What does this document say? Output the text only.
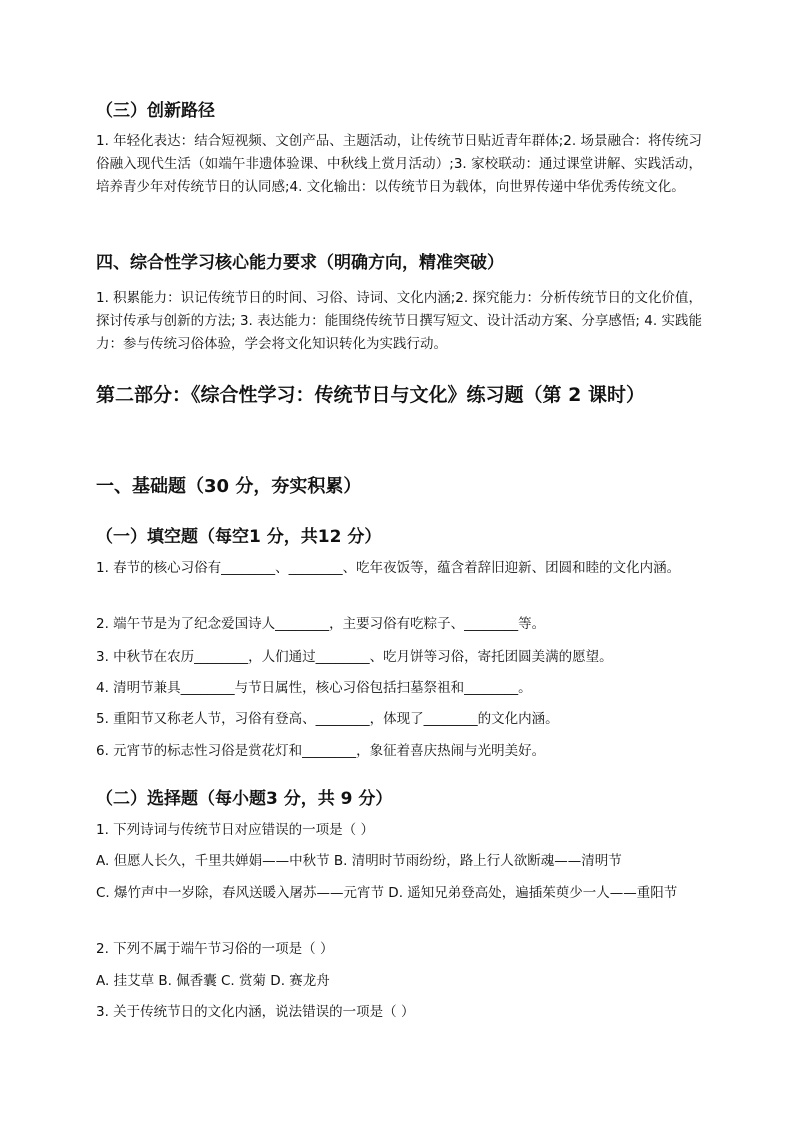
（三）创新路径
1. 年轻化表达：结合短视频、文创产品、主题活动，让传统节日贴近青年群体;2. 场景融合：将传统习俗融入现代生活（如端午非遗体验课、中秋线上赏月活动）;3. 家校联动：通过课堂讲解、实践活动，培养青少年对传统节日的认同感;4. 文化输出：以传统节日为载体，向世界传递中华优秀传统文化。
四、综合性学习核心能力要求（明确方向，精准突破）
1. 积累能力：识记传统节日的时间、习俗、诗词、文化内涵;2. 探究能力：分析传统节日的文化价值，探讨传承与创新的方法; 3. 表达能力：能围绕传统节日撰写短文、设计活动方案、分享感悟; 4. 实践能力：参与传统习俗体验，学会将文化知识转化为实践行动。
第二部分：《综合性学习：传统节日与文化》练习题（第 2 课时）
一、基础题（30 分，夯实积累）
（一）填空题（每空1 分，共12 分）
1. 春节的核心习俗有________、________、吃年夜饭等，蕴含着辞旧迎新、团圆和睦的文化内涵。
2. 端午节是为了纪念爱国诗人________，主要习俗有吃粽子、________等。
3. 中秋节在农历________，人们通过________、吃月饼等习俗，寄托团圆美满的愿望。
4. 清明节兼具________与节日属性，核心习俗包括扫墓祭祖和________。
5. 重阳节又称老人节，习俗有登高、________，体现了________的文化内涵。
6. 元宵节的标志性习俗是赏花灯和________，象征着喜庆热闹与光明美好。
（二）选择题（每小题3 分，共 9 分）
1. 下列诗词与传统节日对应错误的一项是（ ）
A. 但愿人长久，千里共婵娟——中秋节 B. 清明时节雨纷纷，路上行人欲断魂——清明节
C. 爆竹声中一岁除，春风送暖入屠苏——元宵节 D. 遥知兄弟登高处，遍插茱萸少一人——重阳节
2. 下列不属于端午节习俗的一项是（ ）
A. 挂艾草 B. 佩香囊 C. 赏菊 D. 赛龙舟
3. 关于传统节日的文化内涵，说法错误的一项是（ ）
